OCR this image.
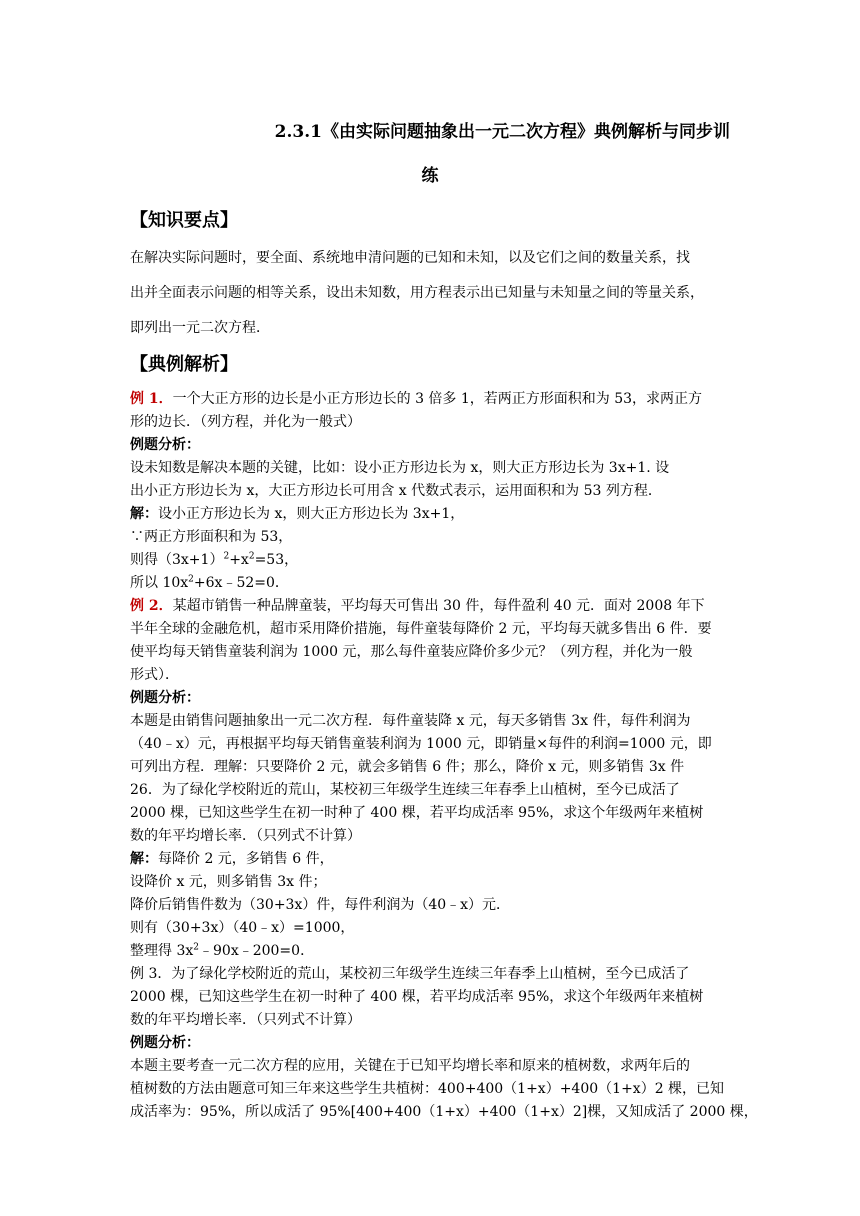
2.3.1《由实际问题抽象出一元二次方程》典例解析与同步训
练
【知识要点】
在解决实际问题时，要全面、系统地申清问题的已知和未知，以及它们之间的数量关系，找
出并全面表示问题的相等关系，设出未知数，用方程表示出已知量与未知量之间的等量关系，
即列出一元二次方程．
【典例解析】
例 1．一个大正方形的边长是小正方形边长的 3 倍多 1，若两正方形面积和为 53，求两正方
形的边长．（列方程，并化为一般式）
例题分析：
设未知数是解决本题的关键，比如：设小正方形边长为 x，则大正方形边长为 3x+1. 设
出小正方形边长为 x，大正方形边长可用含 x 代数式表示，运用面积和为 53 列方程．
解：设小正方形边长为 x，则大正方形边长为 3x+1，
∵两正方形面积和为 53，
则得$(3x+1)^2+x^2=53$，
所以 $10x^2+6x﹣52=0$．
例 2．某超市销售一种品牌童装，平均每天可售出 30 件，每件盈利 40 元．面对 2008 年下
半年全球的金融危机，超市采用降价措施，每件童装每降价 2 元，平均每天就多售出 6 件．要
使平均每天销售童装利润为 1000 元，那么每件童装应降价多少元？（列方程，并化为一般
形式）．
例题分析：
本题是由销售问题抽象出一元二次方程．每件童装降 x 元，每天多销售 3x 件，每件利润为
（40﹣x）元，再根据平均每天销售童装利润为 1000 元，即销量×每件的利润=1000 元，即
可列出方程．理解：只要降价 2 元，就会多销售 6 件；那么，降价 x 元，则多销售 3x 件
26．为了绿化学校附近的荒山，某校初三年级学生连续三年春季上山植树，至今已成活了
2000 棵，已知这些学生在初一时种了 400 棵，若平均成活率 95%，求这个年级两年来植树
数的年平均增长率．（只列式不计算）
解：每降价 2 元，多销售 6 件，
设降价 x 元，则多销售 3x 件；
降价后销售件数为（30+3x）件，每件利润为（40﹣x）元．
则有（30+3x）（40﹣x）=1000，
整理得 $3x^2﹣90x﹣200=0$．
例 3．为了绿化学校附近的荒山，某校初三年级学生连续三年春季上山植树，至今已成活了
2000 棵，已知这些学生在初一时种了 400 棵，若平均成活率 95%，求这个年级两年来植树
数的年平均增长率．（只列式不计算）
例题分析：
本题主要考查一元二次方程的应用，关键在于已知平均增长率和原来的植树数，求两年后的
植树数的方法由题意可知三年来这些学生共植树：400+400（1+x）+400（1+x）2 棵，已知
成活率为：95%，所以成活了 95%[400+400（1+x）+400（1+x）2]棵，又知成活了 2000 棵，
